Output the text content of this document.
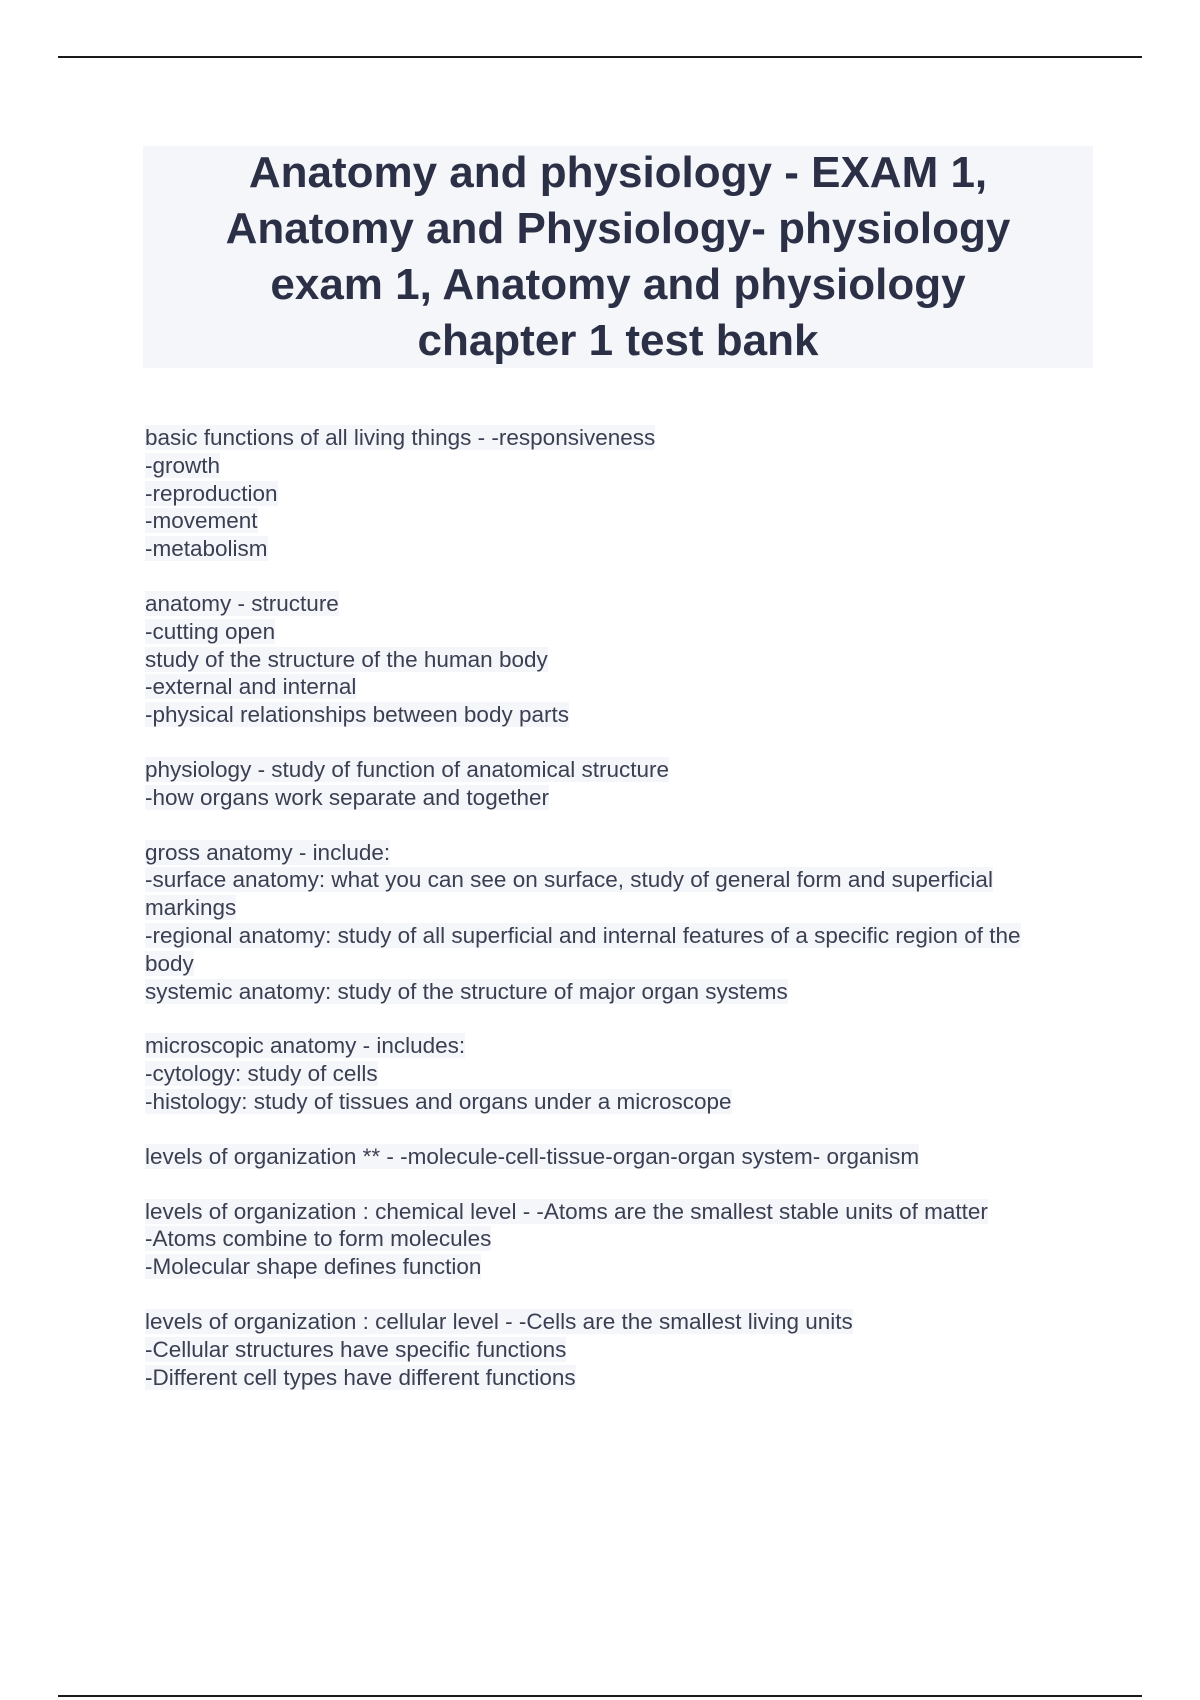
Anatomy and physiology - EXAM 1,
Anatomy and Physiology- physiology
exam 1, Anatomy and physiology
chapter 1 test bank
basic functions of all living things - -responsiveness
-growth
-reproduction
-movement
-metabolism
anatomy - structure
-cutting open
study of the structure of the human body
-external and internal
-physical relationships between body parts
physiology - study of function of anatomical structure
-how organs work separate and together
gross anatomy - include:
-surface anatomy: what you can see on surface, study of general form and superficial
markings
-regional anatomy: study of all superficial and internal features of a specific region of the
body
systemic anatomy: study of the structure of major organ systems
microscopic anatomy - includes:
-cytology: study of cells
-histology: study of tissues and organs under a microscope
levels of organization ** - -molecule-cell-tissue-organ-organ system- organism
levels of organization : chemical level - -Atoms are the smallest stable units of matter
-Atoms combine to form molecules
-Molecular shape defines function
levels of organization : cellular level - -Cells are the smallest living units
-Cellular structures have specific functions
-Different cell types have different functions
